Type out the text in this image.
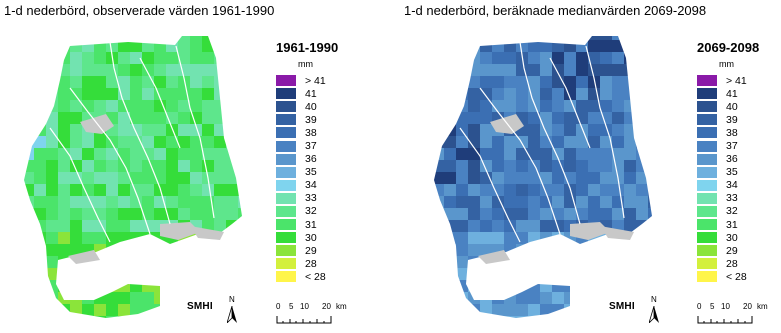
1-d nederbörd, observerade värden 1961-1990	1-d nederbörd, beräknade medianvärden 2069-2098
1961-1990
mm
> 41
41
40
39
38
37
36
35
34
33
32
31
30
29
28
< 28
2069-2098
mm
> 41
41
40
39
38
37
36
35
34
33
32
31
30
29
28
< 28
SMHI	SMHI
N	N
0 5 10 20 km	0 5 10 20 km
